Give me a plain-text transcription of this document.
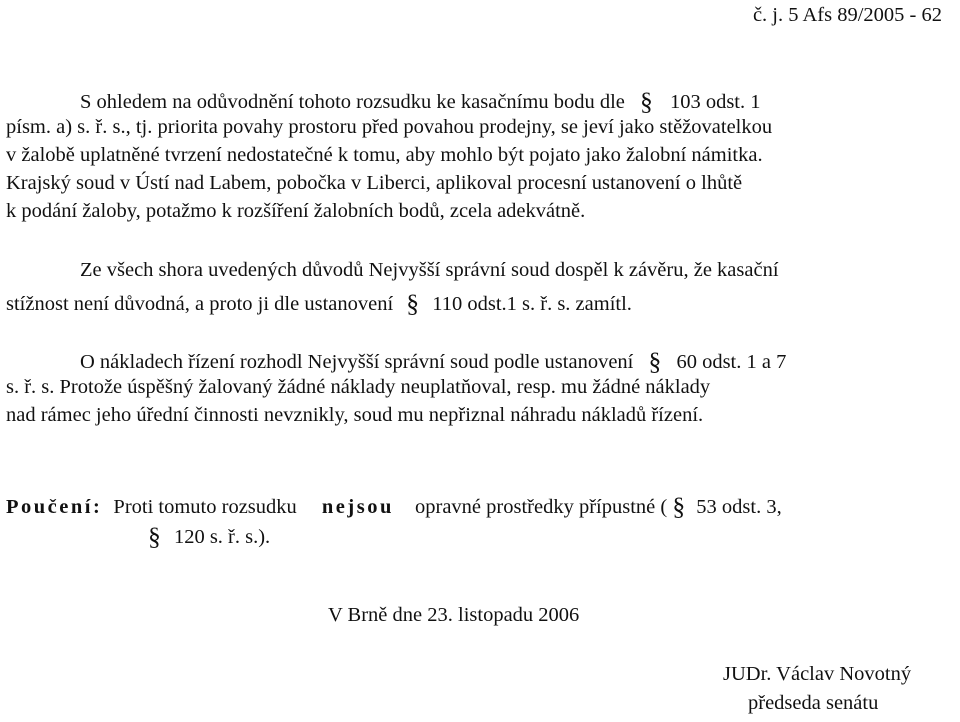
č. j. 5 Afs 89/2005 - 62
S ohledem na odůvodnění tohoto rozsudku ke kasačnímu bodu dle § 103 odst. 1
písm. a) s. ř. s., tj. priorita povahy prostoru před povahou prodejny, se jeví jako stěžovatelkou
v žalobě uplatněné tvrzení nedostatečné k tomu, aby mohlo být pojato jako žalobní námitka.
Krajský soud v Ústí nad Labem, pobočka v Liberci, aplikoval procesní ustanovení o lhůtě
k podání žaloby, potažmo k rozšíření žalobních bodů, zcela adekvátně.
Ze všech shora uvedených důvodů Nejvyšší správní soud dospěl k závěru, že kasační
stížnost není důvodná, a proto ji dle ustanovení § 110 odst.1 s. ř. s. zamítl.
O nákladech řízení rozhodl Nejvyšší správní soud podle ustanovení § 60 odst. 1 a 7
s. ř. s. Protože úspěšný žalovaný žádné náklady neuplatňoval, resp. mu žádné náklady
nad rámec jeho úřední činnosti nevznikly, soud mu nepřiznal náhradu nákladů řízení.
Poučení: Proti tomuto rozsudku nejsou opravné prostředky přípustné ( § 53 odst. 3,
§ 120 s. ř. s.).
V Brně dne 23. listopadu 2006
JUDr. Václav Novotný
předseda senátu
